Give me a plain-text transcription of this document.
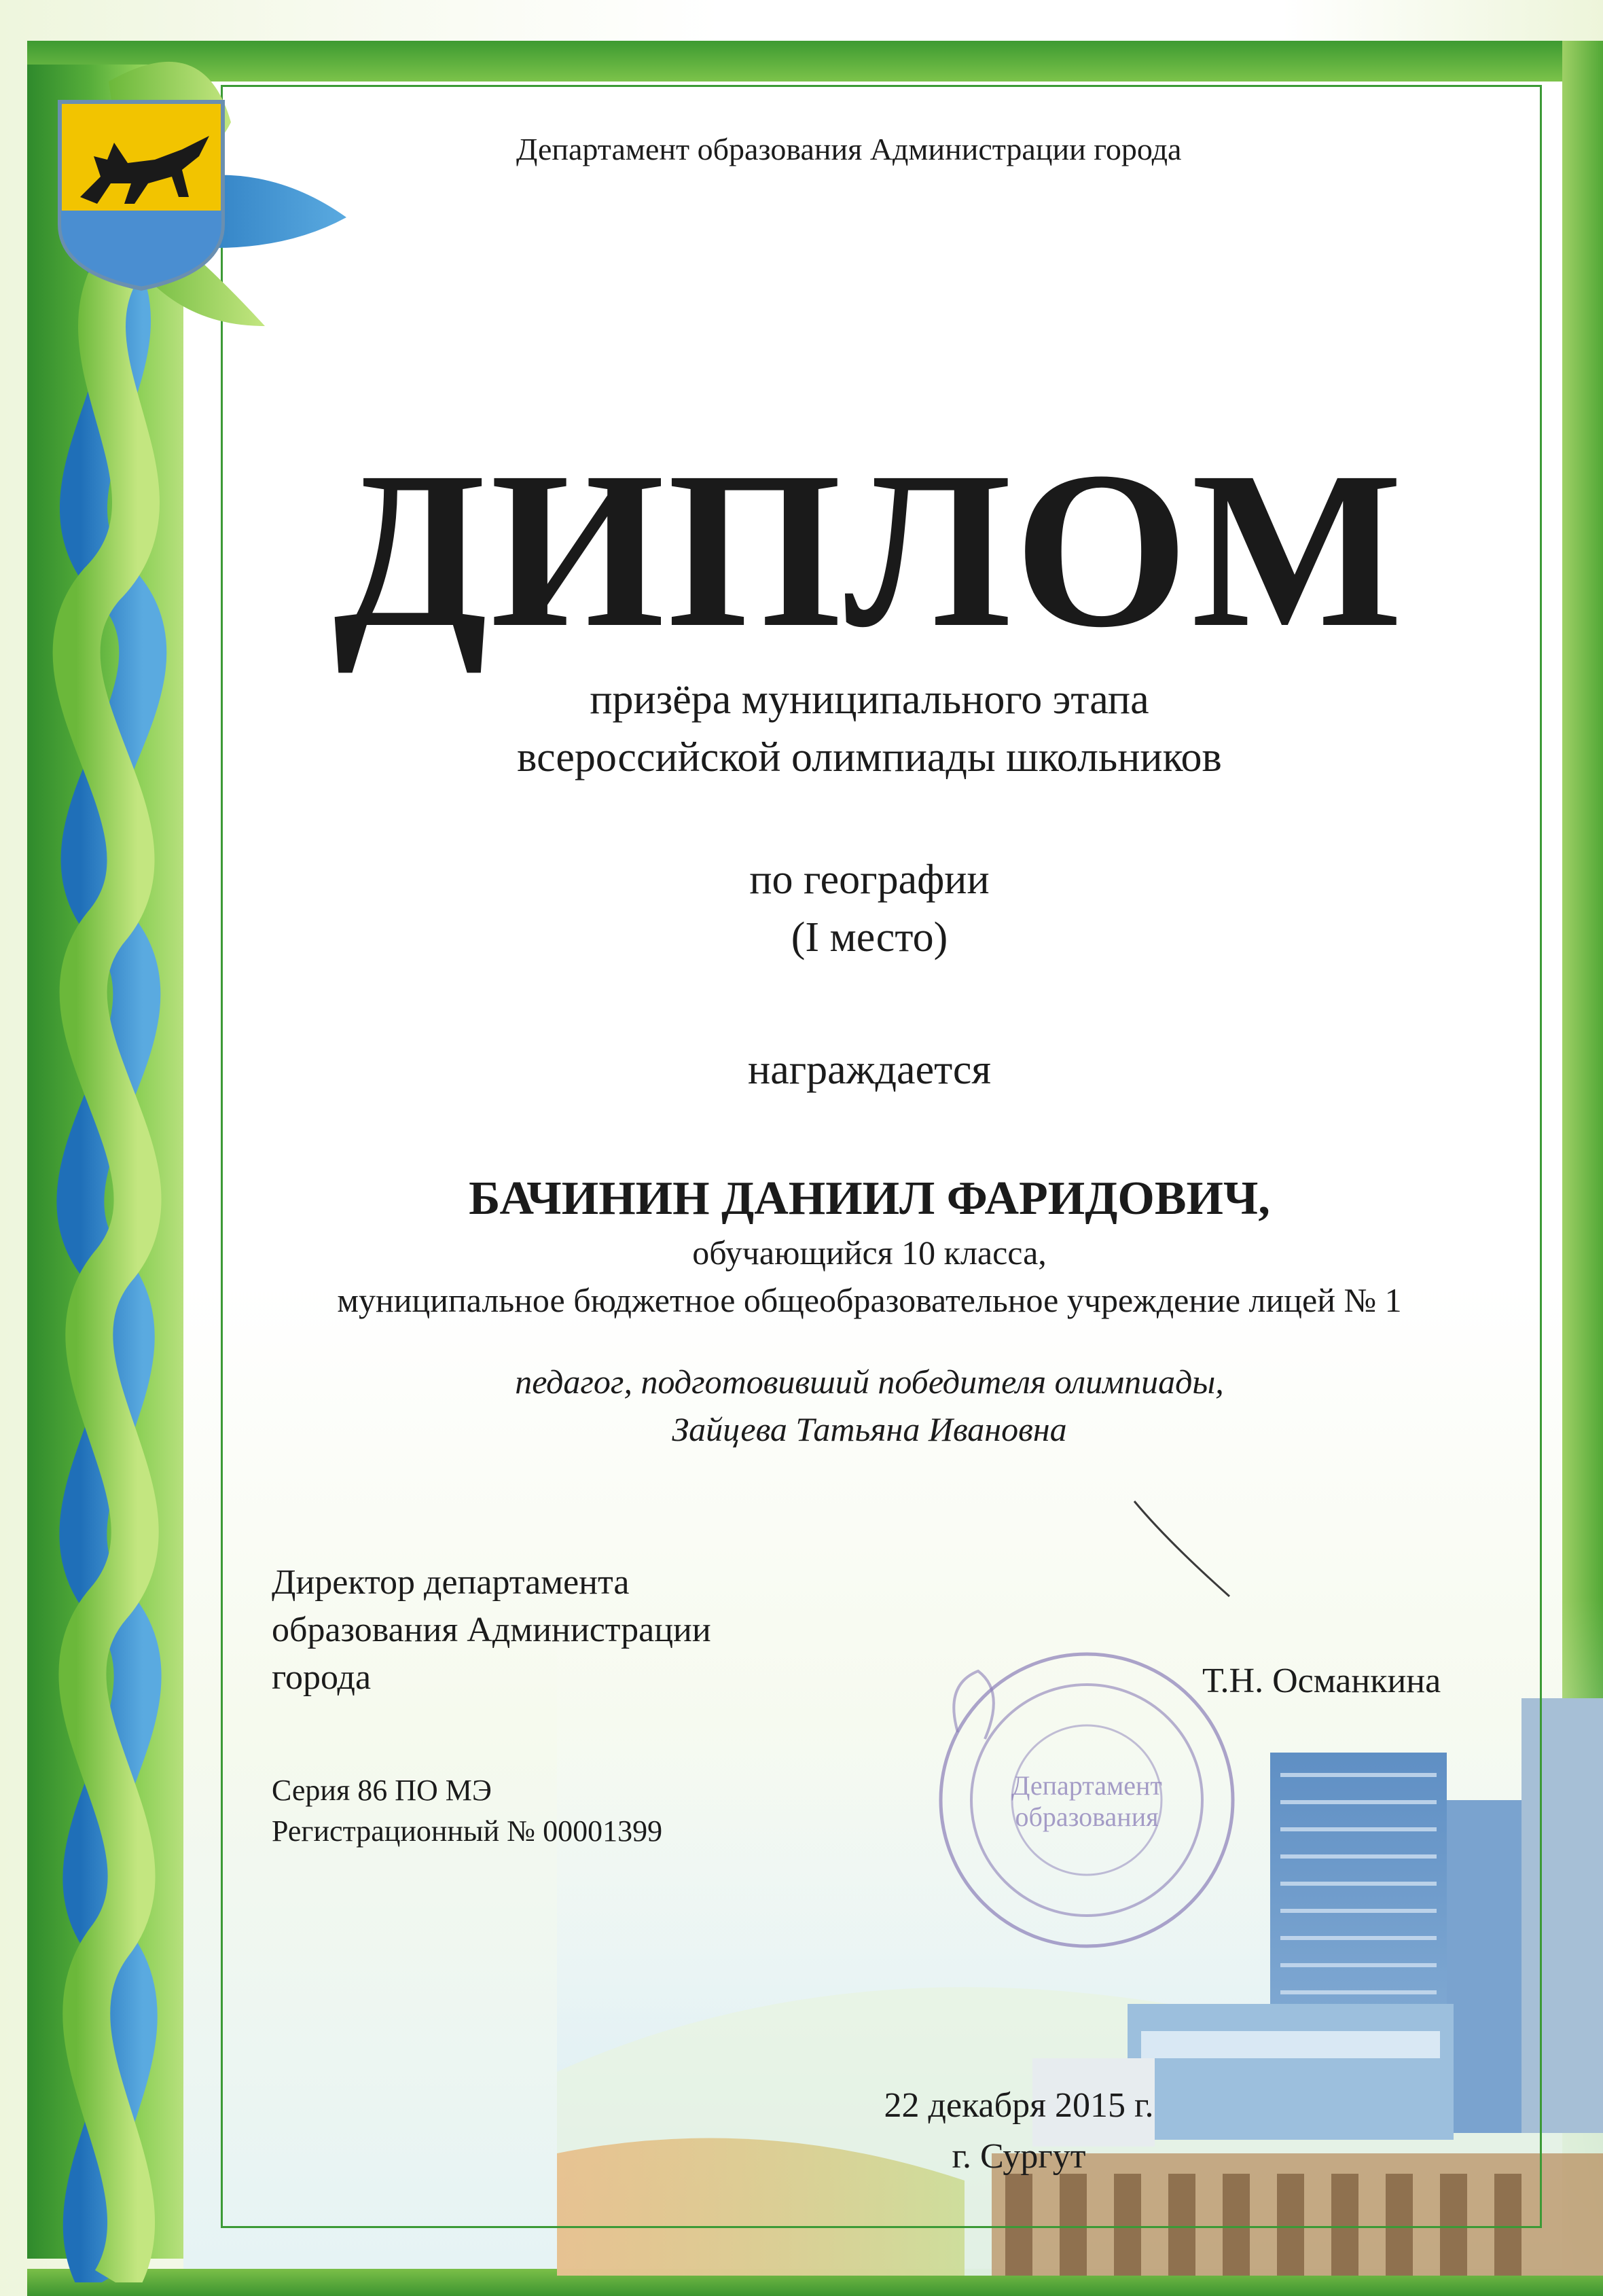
Департамент
образования
Департамент образования Администрации города
ДИПЛОМ
призёра муниципального этапа
всероссийской олимпиады школьников
по географии
(I место)
награждается
БАЧИНИН ДАНИИЛ ФАРИДОВИЧ,
обучающийся 10 класса,
муниципальное бюджетное общеобразовательное учреждение лицей № 1
педагог, подготовивший победителя олимпиады,
Зайцева Татьяна Ивановна
Директор департамента
образования Администрации
города	Т.Н. Османкина
Серия 86 ПО МЭ
Регистрационный № 00001399
22 декабря 2015 г.
г. Сургут
